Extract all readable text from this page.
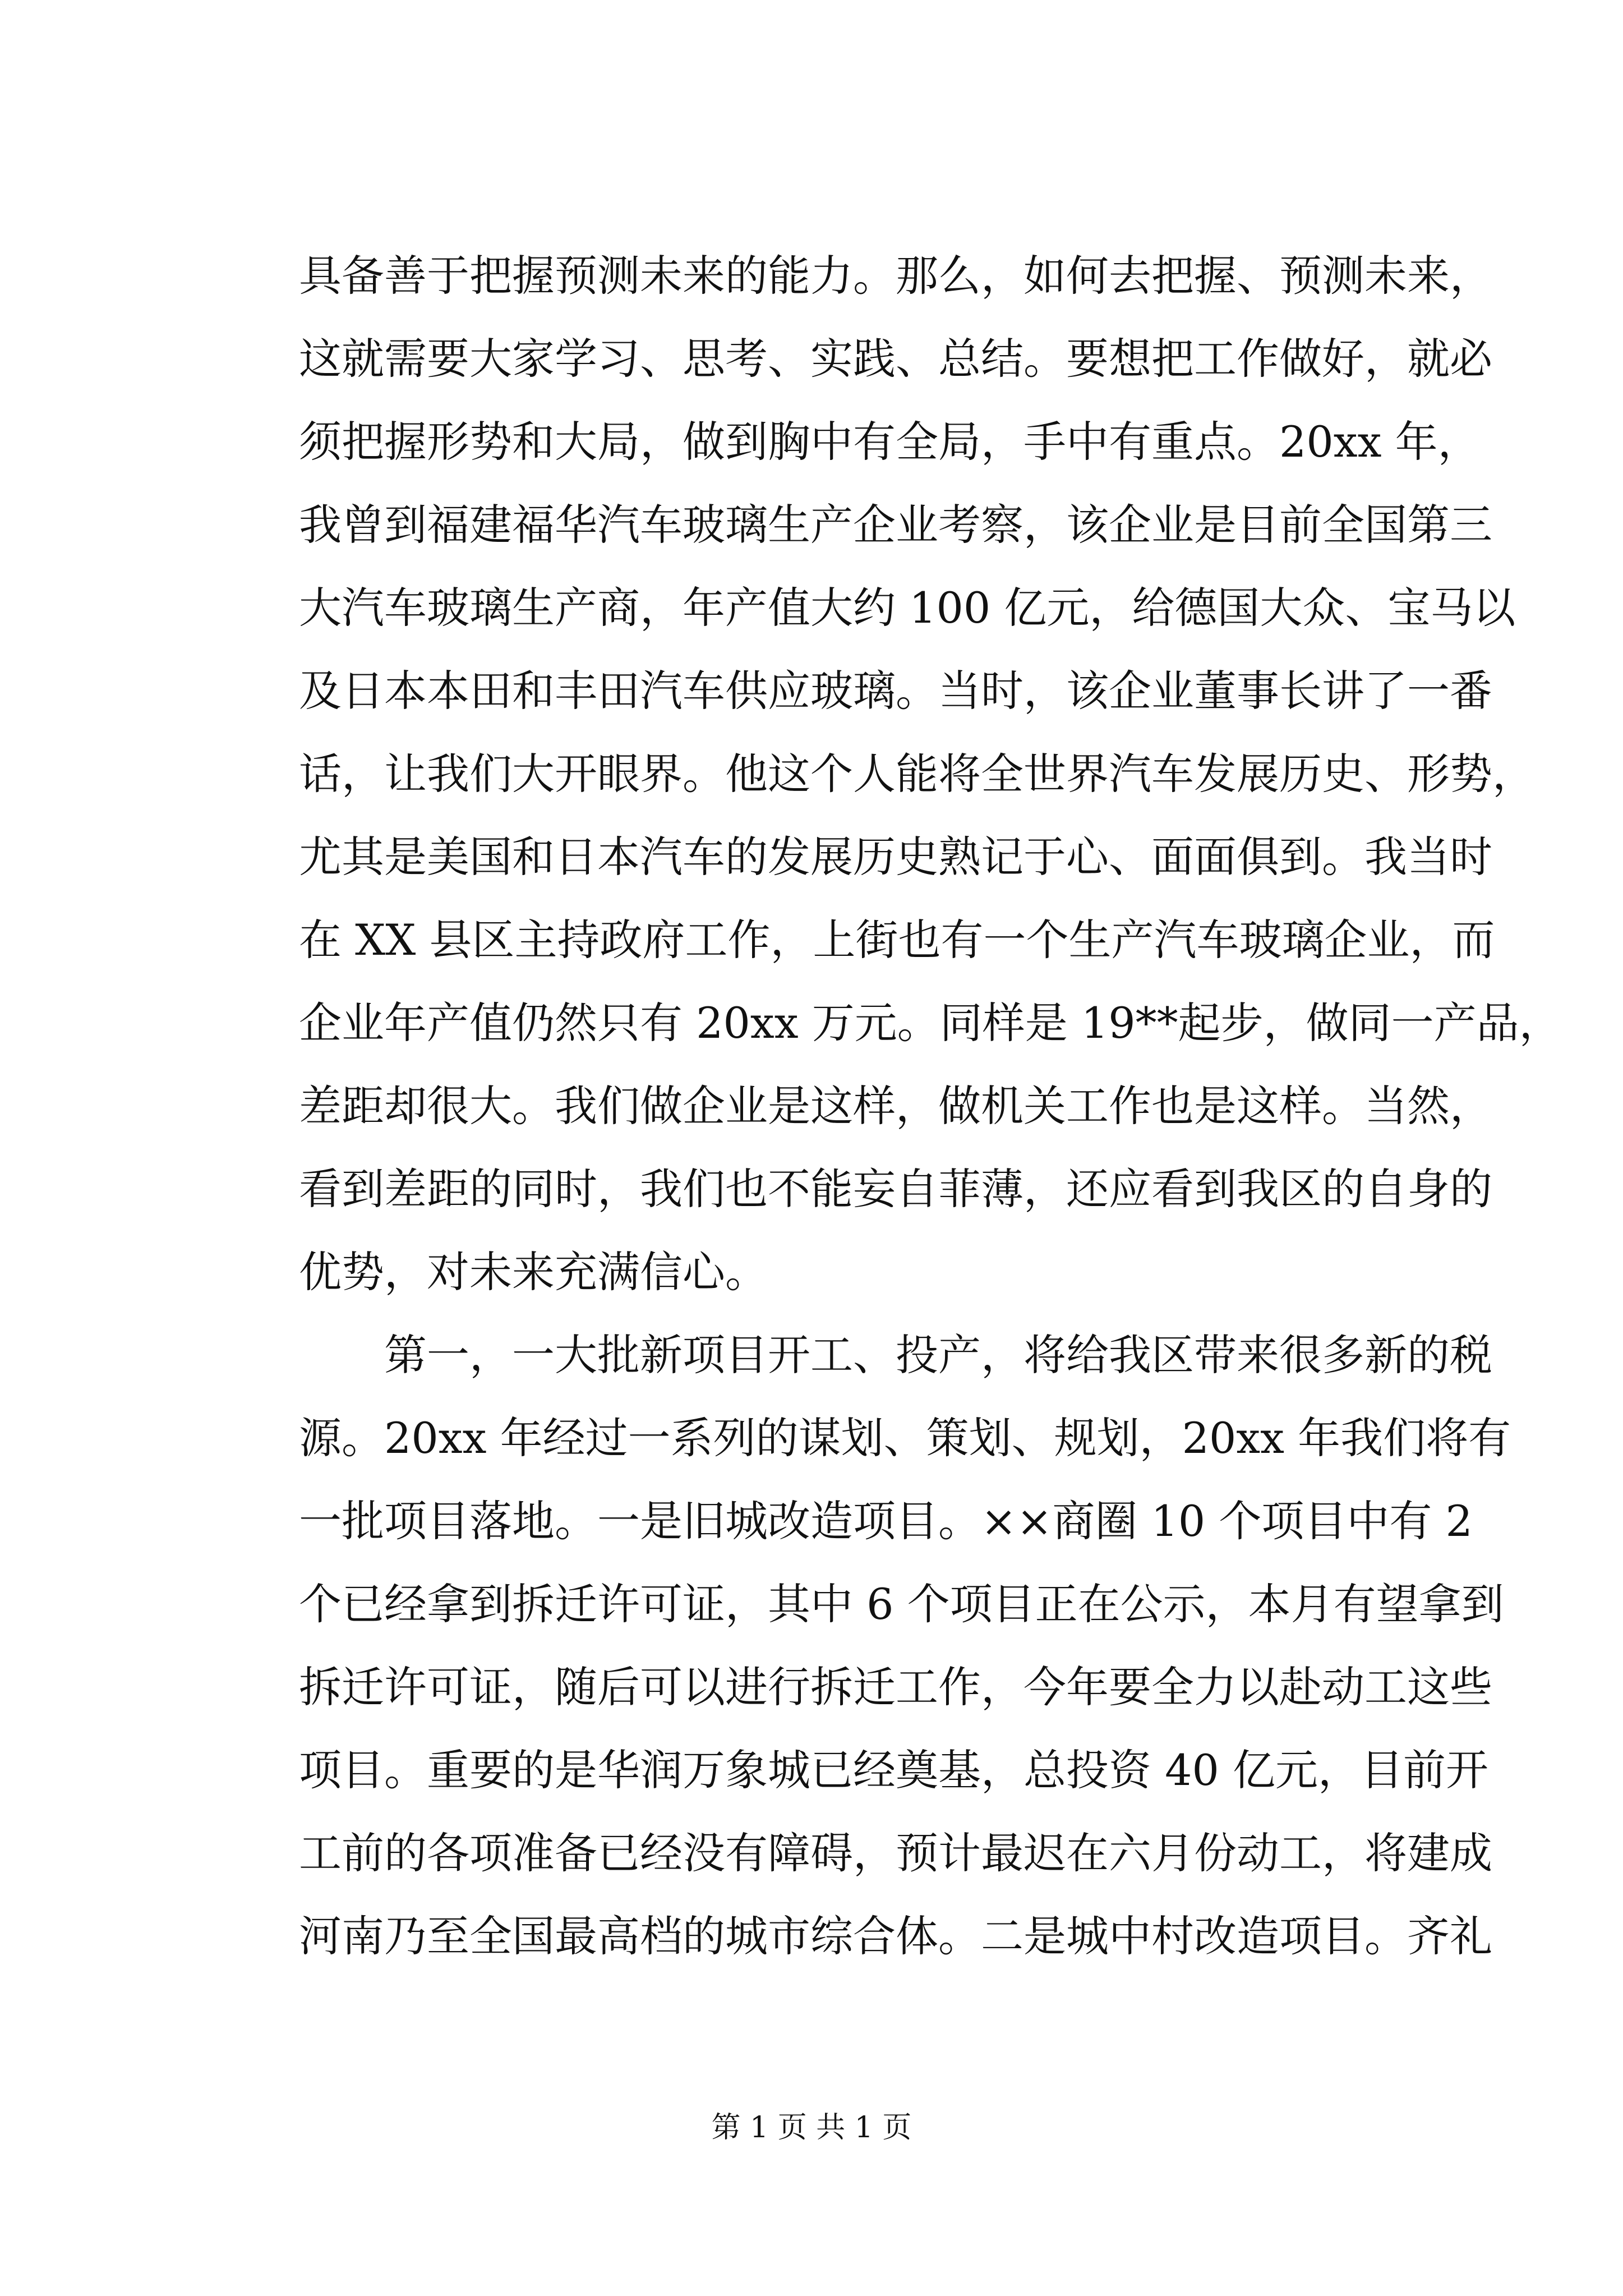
具备善于把握预测未来的能力。那么，如何去把握、预测未来，
这就需要大家学习、思考、实践、总结。要想把工作做好，就必
须把握形势和大局，做到胸中有全局，手中有重点。20xx 年，
我曾到福建福华汽车玻璃生产企业考察，该企业是目前全国第三
大汽车玻璃生产商，年产值大约 100 亿元，给德国大众、宝马以
及日本本田和丰田汽车供应玻璃。当时，该企业董事长讲了一番
话，让我们大开眼界。他这个人能将全世界汽车发展历史、形势，
尤其是美国和日本汽车的发展历史熟记于心、面面俱到。我当时
在 XX 县区主持政府工作，上街也有一个生产汽车玻璃企业，而
企业年产值仍然只有 20xx 万元。同样是 19**起步，做同一产品，
差距却很大。我们做企业是这样，做机关工作也是这样。当然，
看到差距的同时，我们也不能妄自菲薄，还应看到我区的自身的
优势，对未来充满信心。
第一，一大批新项目开工、投产，将给我区带来很多新的税
源。20xx 年经过一系列的谋划、策划、规划，20xx 年我们将有
一批项目落地。一是旧城改造项目。××商圈 10 个项目中有 2
个已经拿到拆迁许可证，其中 6 个项目正在公示，本月有望拿到
拆迁许可证，随后可以进行拆迁工作，今年要全力以赴动工这些
项目。重要的是华润万象城已经奠基，总投资 40 亿元，目前开
工前的各项准备已经没有障碍，预计最迟在六月份动工，将建成
河南乃至全国最高档的城市综合体。二是城中村改造项目。齐礼
第 1 页 共 1 页
